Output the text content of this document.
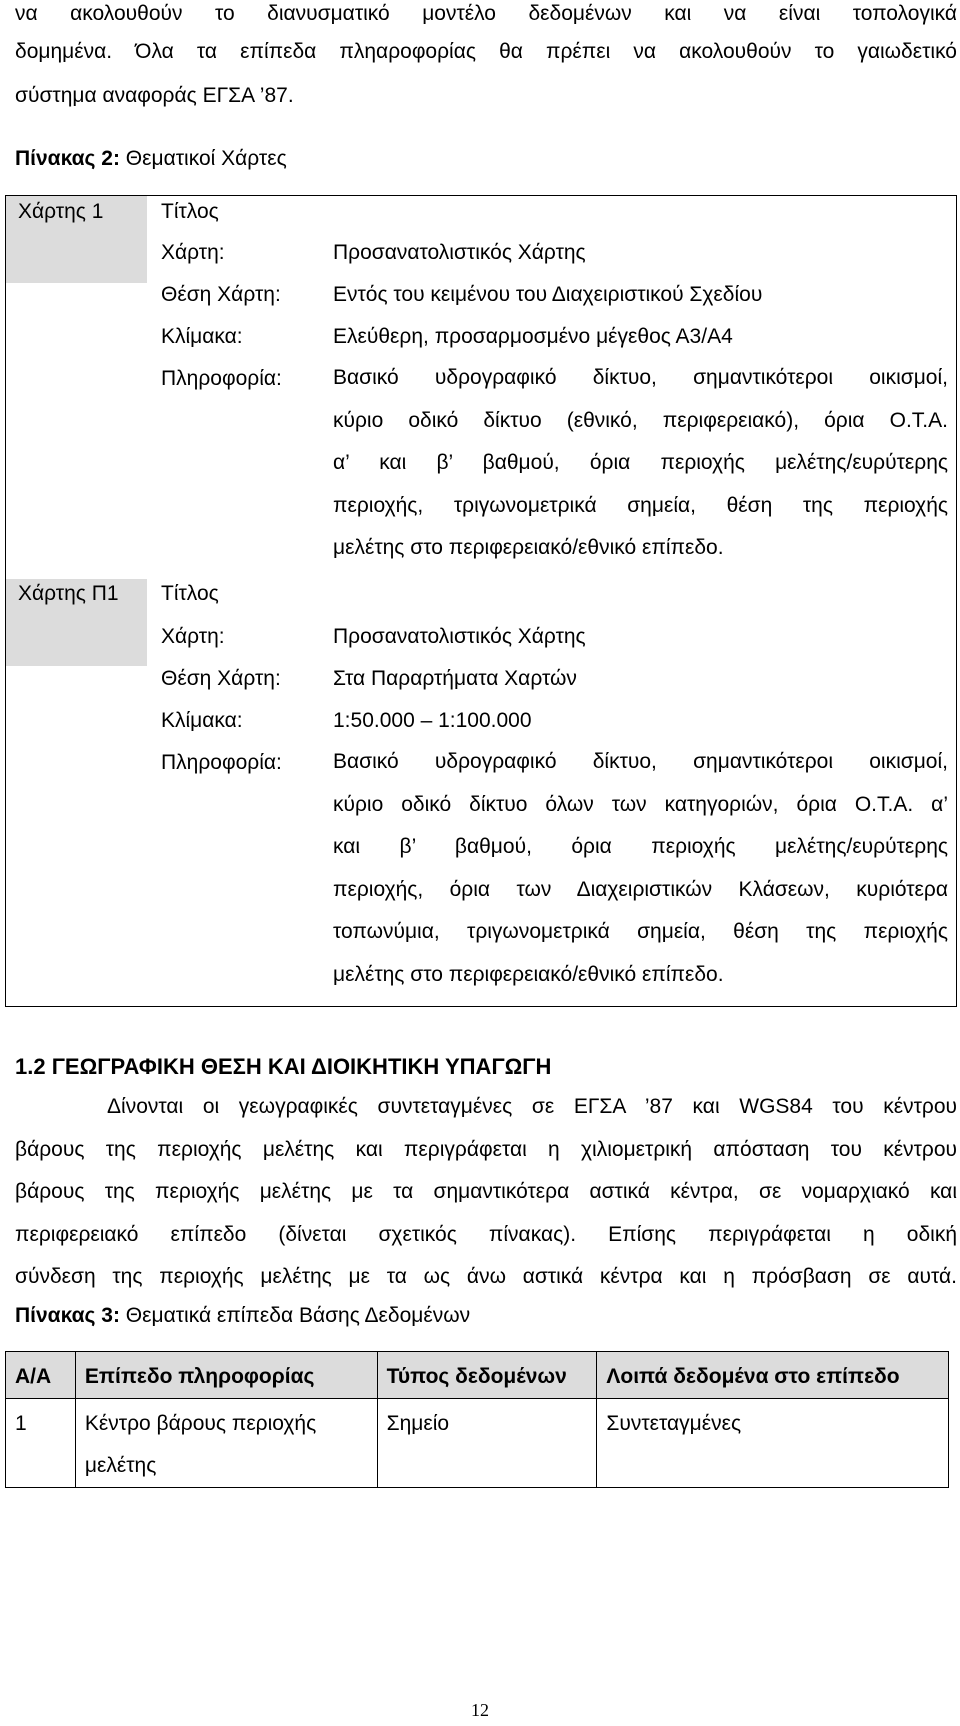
να ακολουθούν το διανυσματικό μοντέλο δεδομένων και να είναι τοπολογικά
δομημένα. Όλα τα επίπεδα πληαροφορίας θα πρέπει να ακολουθούν το γαιωδετικό
σύστημα αναφοράς ΕΓΣΑ ’87.
Πίνακας 2: Θεματικοί Χάρτες
Χάρτης 1	Τίτλος
Χάρτη:	Προσανατολιστικός Χάρτης
Θέση Χάρτη: Εντός του κειμένου του Διαχειριστικού Σχεδίου
Κλίμακα:	Ελεύθερη, προσαρμοσμένο μέγεθος Α3/Α4
Πληροφορία: Βασικό υδρογραφικό δίκτυο, σημαντικότεροι οικισμοί,
κύριο οδικό δίκτυο (εθνικό, περιφερειακό), όρια Ο.Τ.Α.
α’ και β’ βαθμού, όρια περιοχής μελέτης/ευρύτερης
περιοχής, τριγωνομετρικά σημεία, θέση της περιοχής
μελέτης στο περιφερειακό/εθνικό επίπεδο.
Χάρτης Π1 Τίτλος
Χάρτη:	Προσανατολιστικός Χάρτης
Θέση Χάρτη: Στα Παραρτήματα Χαρτών
Κλίμακα:	1:50.000 – 1:100.000
Πληροφορία: Βασικό υδρογραφικό δίκτυο, σημαντικότεροι οικισμοί,
κύριο οδικό δίκτυο όλων των κατηγοριών, όρια Ο.Τ.Α. α’
και β’ βαθμού, όρια περιοχής μελέτης/ευρύτερης
περιοχής, όρια των Διαχειριστικών Κλάσεων, κυριότερα
τοπωνύμια, τριγωνομετρικά σημεία, θέση της περιοχής
μελέτης στο περιφερειακό/εθνικό επίπεδο.
1.2 ΓΕΩΓΡΑΦΙΚΗ ΘΕΣΗ ΚΑΙ ΔΙΟΙΚΗΤΙΚΗ ΥΠΑΓΩΓΗ
Δίνονται οι γεωγραφικές συντεταγμένες σε ΕΓΣΑ ’87 και WGS84 του κέντρου
βάρους της περιοχής μελέτης και περιγράφεται η χιλιομετρική απόσταση του κέντρου
βάρους της περιοχής μελέτης με τα σημαντικότερα αστικά κέντρα, σε νομαρχιακό και
περιφερειακό επίπεδο (δίνεται σχετικός πίνακας). Επίσης περιγράφεται η οδική
σύνδεση της περιοχής μελέτης με τα ως άνω αστικά κέντρα και η πρόσβαση σε αυτά.
Πίνακας 3: Θεματικά επίπεδα Βάσης Δεδομένων
Α/Α	Επίπεδο πληροφορίας	Τύπος δεδομένων	Λοιπά δεδομένα στο επίπεδο
1	Κέντρο βάρους περιοχής μελέτης	Σημείο	Συντεταγμένες
12
